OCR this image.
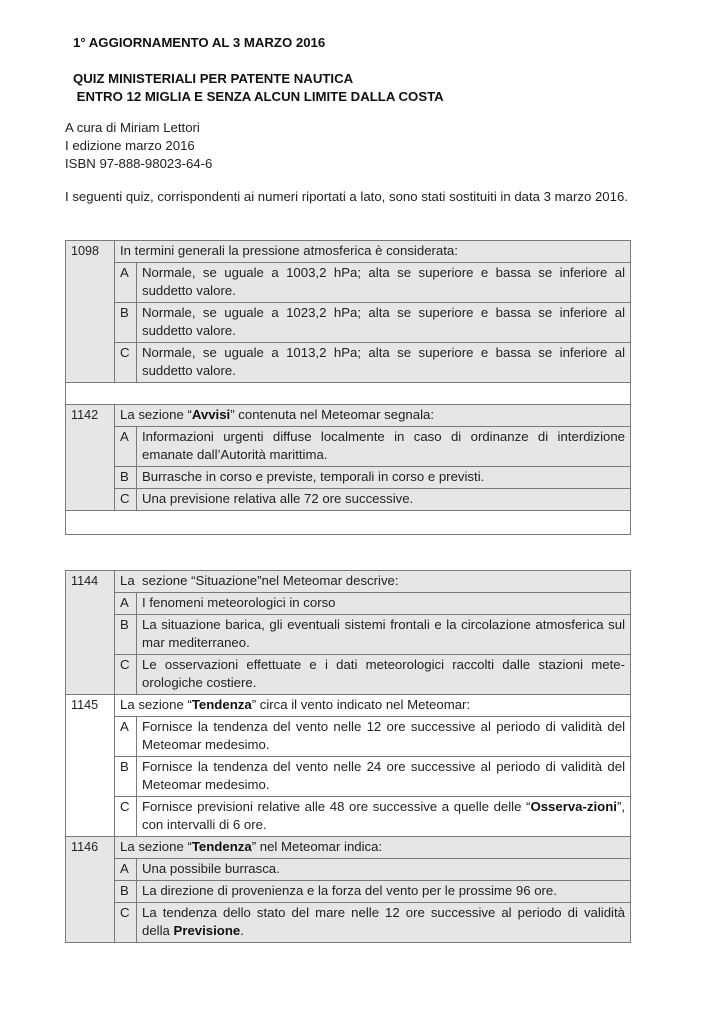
1° AGGIORNAMENTO AL 3 MARZO 2016
QUIZ MINISTERIALI PER PATENTE NAUTICA
ENTRO 12 MIGLIA E SENZA ALCUN LIMITE DALLA COSTA
A cura di Miriam Lettori
I edizione marzo 2016
ISBN 97-888-98023-64-6
I seguenti quiz, corrispondenti ai numeri riportati a lato, sono stati sostituiti in data 3 marzo 2016.
1098	In termini generali la pressione atmosferica è considerata:	
	A	Normale, se uguale a 1003,2 hPa; alta se superiore e bassa se inferiore al suddetto valore.
	B	Normale, se uguale a 1023,2 hPa; alta se superiore e bassa se inferiore al suddetto valore.
	C	Normale, se uguale a 1013,2 hPa; alta se superiore e bassa se inferiore al suddetto valore.

1142	La sezione “Avvisi” contenuta nel Meteomar segnala:	
	A	Informazioni urgenti diffuse localmente in caso di ordinanze di interdizione emanate dall’Autorità marittima.
	B	Burrasche in corso e previste, temporali in corso e previsti.
	C	Una previsione relativa alle 72 ore successive.

1144	La  sezione “Situazione”nel Meteomar descrive:	
	A	I fenomeni meteorologici in corso
	B	La situazione barica, gli eventuali sistemi frontali e la circolazione atmosferica sul mar mediterraneo.
	C	Le osservazioni effettuate e i dati meteorologici raccolti dalle stazioni mete-orologiche costiere.
1145	La sezione “Tendenza” circa il vento indicato nel Meteomar:	
	A	Fornisce la tendenza del vento nelle 12 ore successive al periodo di validità del Meteomar medesimo.
	B	Fornisce la tendenza del vento nelle 24 ore successive al periodo di validità del Meteomar medesimo.
	C	Fornisce previsioni relative alle 48 ore successive a quelle delle “Osserva-zioni”, con intervalli di 6 ore.
1146	La sezione “Tendenza” nel Meteomar indica:	
	A	Una possibile burrasca.
	B	La direzione di provenienza e la forza del vento per le prossime 96 ore.
	C	La tendenza dello stato del mare nelle 12 ore successive al periodo di validità della Previsione.
